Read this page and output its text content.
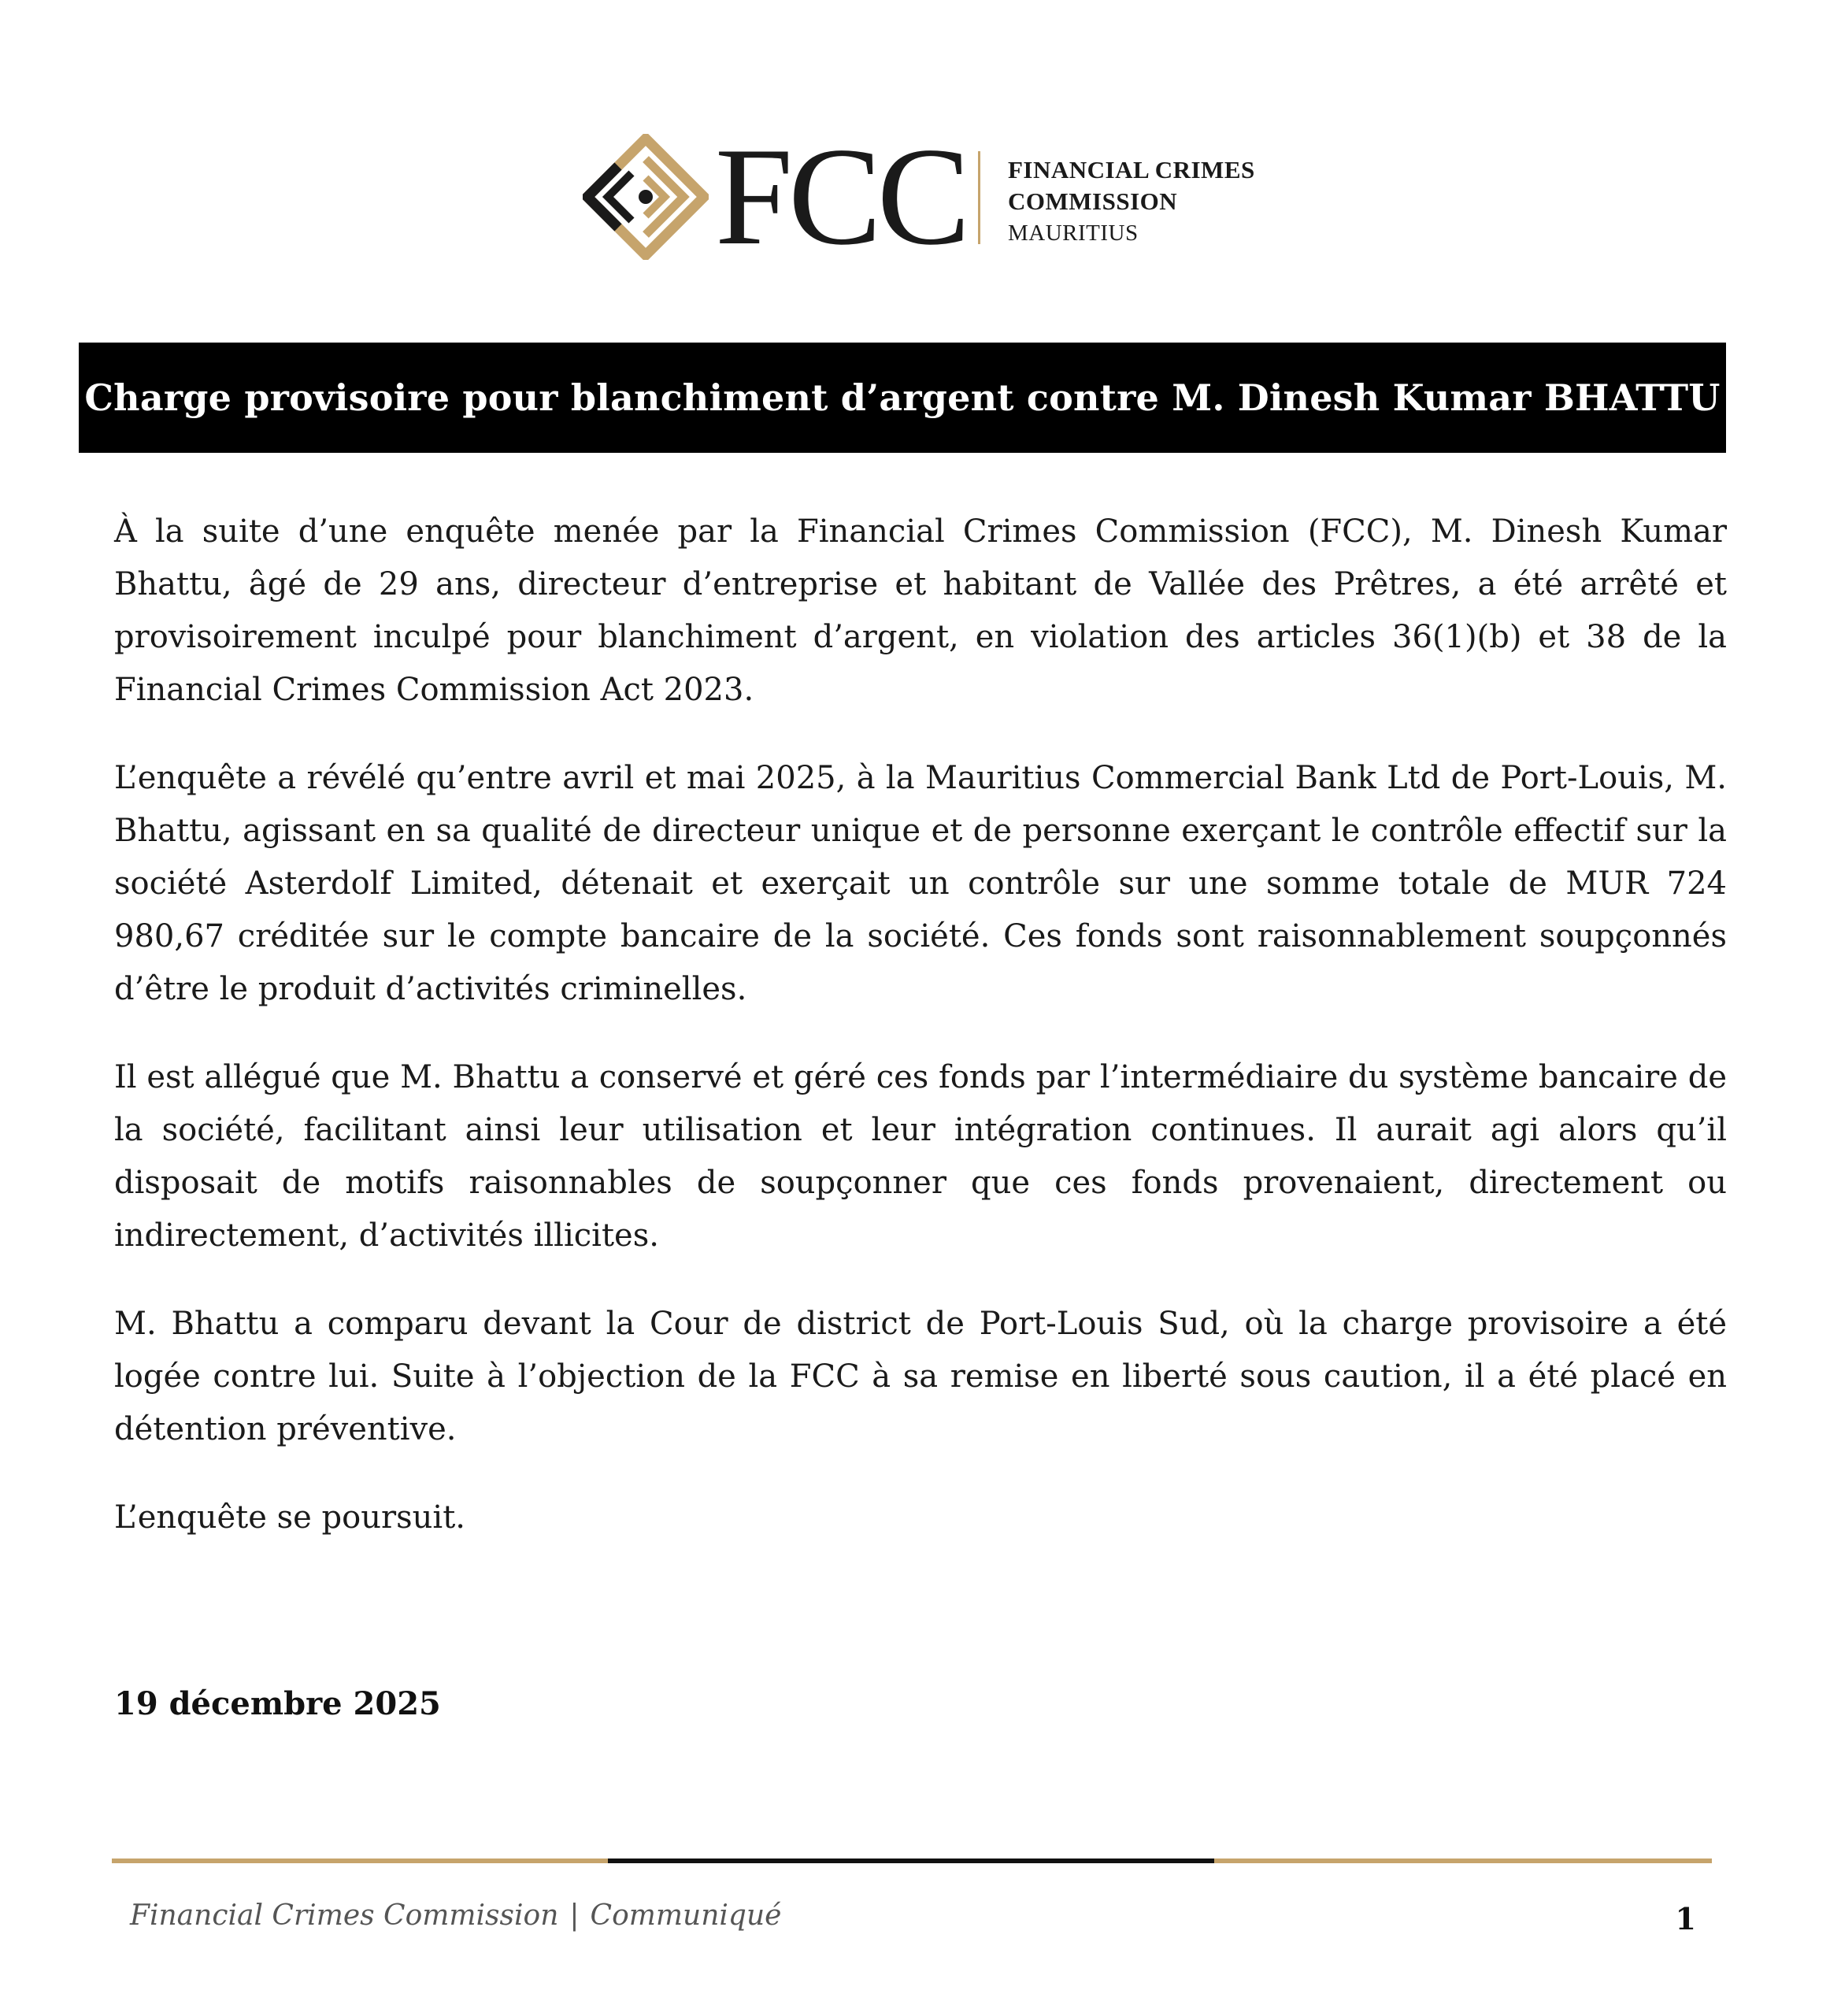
FCC FINANCIAL CRIMES
COMMISSION
MAURITIUS
Charge provisoire pour blanchiment d’argent contre M. Dinesh Kumar BHATTU

À la suite d’une enquête menée par la Financial Crimes Commission (FCC), M. Dinesh Kumar Bhattu, âgé de 29 ans, directeur d’entreprise et habitant de Vallée des Prêtres, a été arrêté et provisoirement inculpé pour blanchiment d’argent, en violation des articles 36(1)(b) et 38 de la Financial Crimes Commission Act 2023.

L’enquête a révélé qu’entre avril et mai 2025, à la Mauritius Commercial Bank Ltd de Port-Louis, M. Bhattu, agissant en sa qualité de directeur unique et de personne exerçant le contrôle effectif sur la société Asterdolf Limited, détenait et exerçait un contrôle sur une somme totale de MUR 724 980,67 créditée sur le compte bancaire de la société. Ces fonds sont raisonnablement soupçonnés d’être le produit d’activités criminelles.

Il est allégué que M. Bhattu a conservé et géré ces fonds par l’intermédiaire du système bancaire de la société, facilitant ainsi leur utilisation et leur intégration continues. Il aurait agi alors qu’il disposait de motifs raisonnables de soupçonner que ces fonds provenaient, directement ou indirectement, d’activités illicites.

M. Bhattu a comparu devant la Cour de district de Port-Louis Sud, où la charge provisoire a été logée contre lui. Suite à l’objection de la FCC à sa remise en liberté sous caution, il a été placé en détention préventive.

L’enquête se poursuit.

19 décembre 2025
Financial Crimes Commission | Communiqué	1
